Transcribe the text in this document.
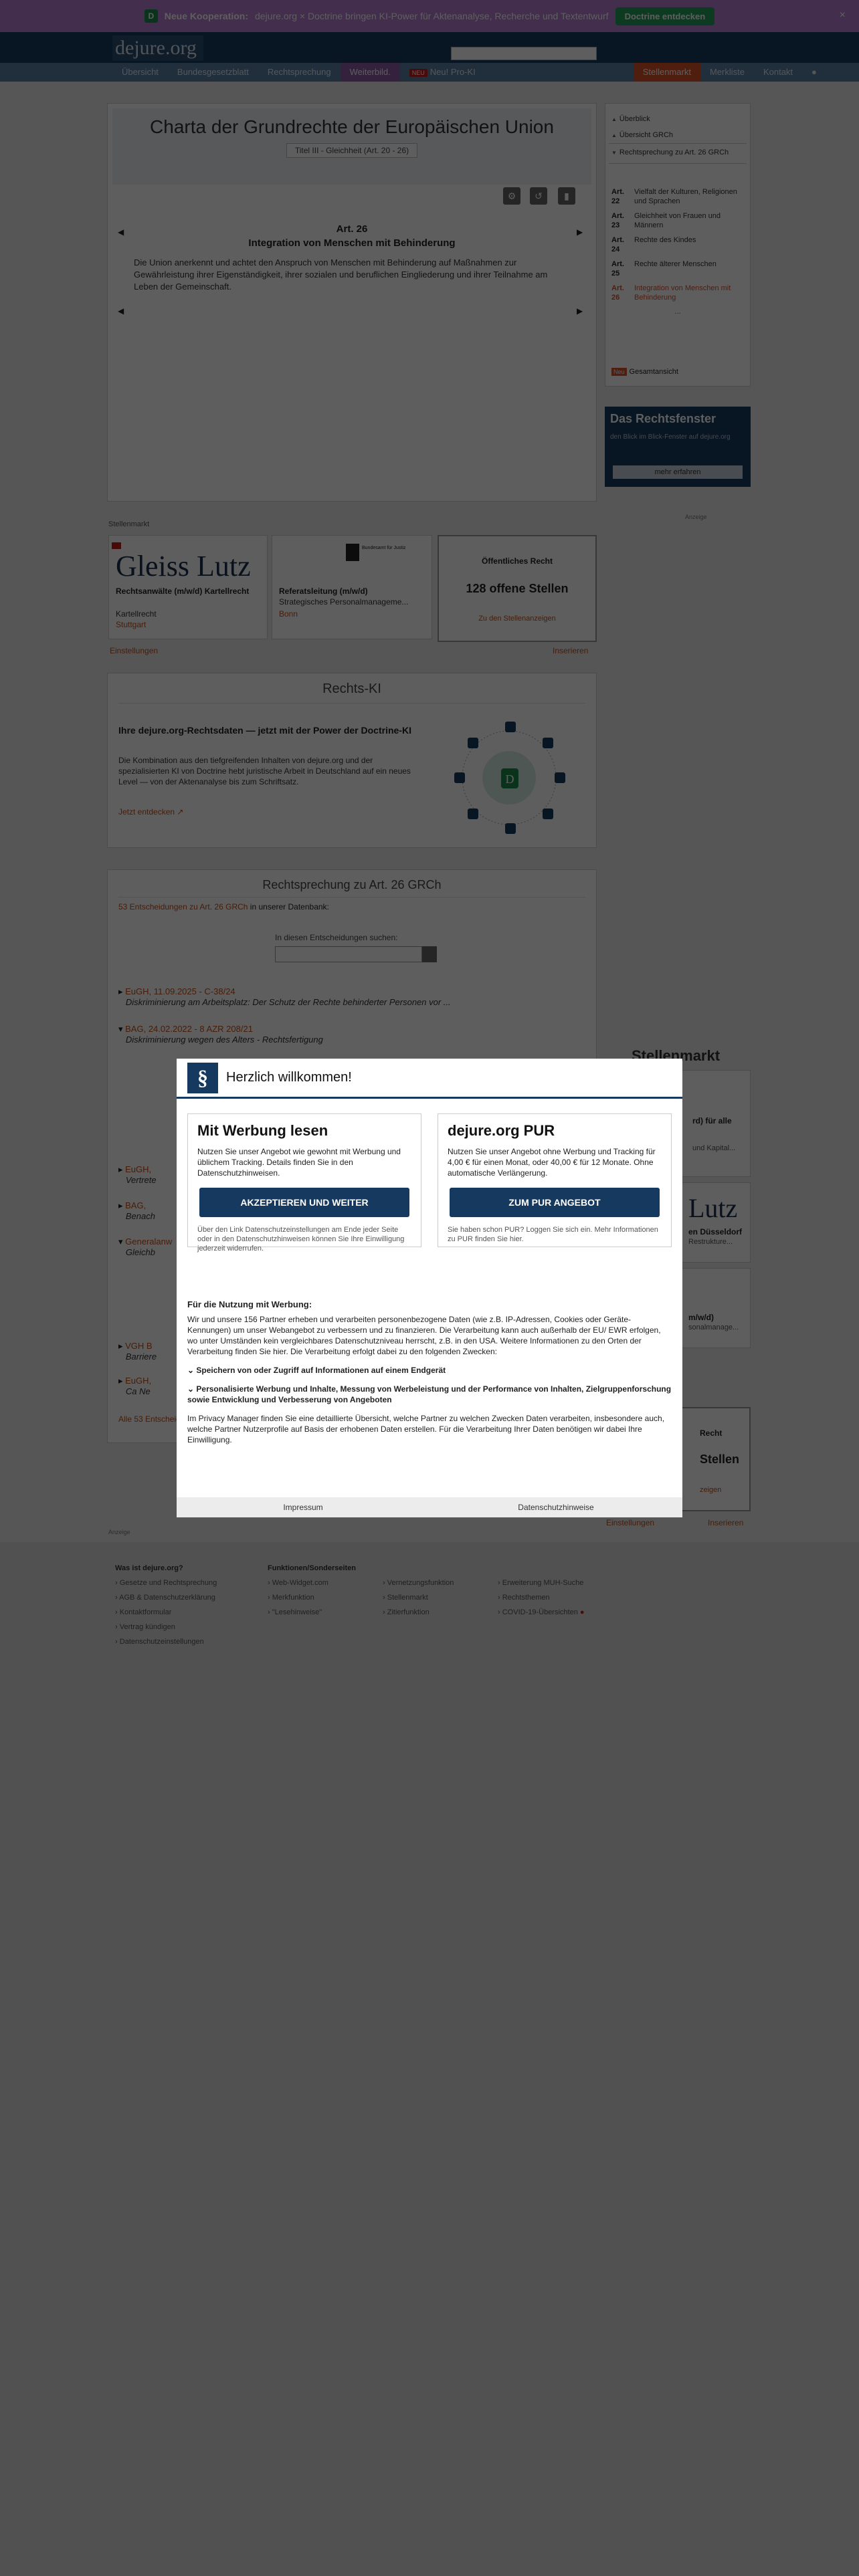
§	Herzlich willkommen!
Mit Werbung lesen

Nutzen Sie unser Angebot wie gewohnt mit Werbung und üblichem Tracking. Details finden Sie in den Datenschutzhinweisen.

AKZEPTIEREN UND WEITER

Über den Link Datenschutzeinstellungen am Ende jeder Seite oder in den Datenschutzhinweisen können Sie Ihre Einwilligung jederzeit widerrufen.

dejure.org PUR

Nutzen Sie unser Angebot ohne Werbung und Tracking für 4,00 € für einen Monat, oder 40,00 € für 12 Monate. Ohne automatische Verlängerung.

ZUM PUR ANGEBOT

Sie haben schon PUR? Loggen Sie sich ein. Mehr Informationen zu PUR finden Sie hier.

Für die Nutzung mit Werbung:
Wir und unsere 156 Partner erheben und verarbeiten personenbezogene Daten (wie z.B. IP-Adressen, Cookies oder Geräte-Kennungen) um unser Webangebot zu verbessern und zu finanzieren. Die Verarbeitung kann auch außerhalb der EU/ EWR erfolgen, wo unter Umständen kein vergleichbares Datenschutzniveau herrscht, z.B. in den USA. Weitere Informationen zu den Orten der Verarbeitung finden Sie hier. Die Verarbeitung erfolgt dabei zu den folgenden Zwecken:
⌄ Speichern von oder Zugriff auf Informationen auf einem Endgerät
⌄ Personalisierte Werbung und Inhalte, Messung von Werbeleistung und der Performance von Inhalten, Zielgruppenforschung sowie Entwicklung und Verbesserung von Angeboten
Im Privacy Manager finden Sie eine detaillierte Übersicht, welche Partner zu welchen Zwecken Daten verarbeiten, insbesondere auch, welche Partner Nutzerprofile auf Basis der erhobenen Daten erstellen. Für die Verarbeitung Ihrer Daten benötigen wir dabei Ihre Einwilligung.
Impressum	Datenschutzhinweise
